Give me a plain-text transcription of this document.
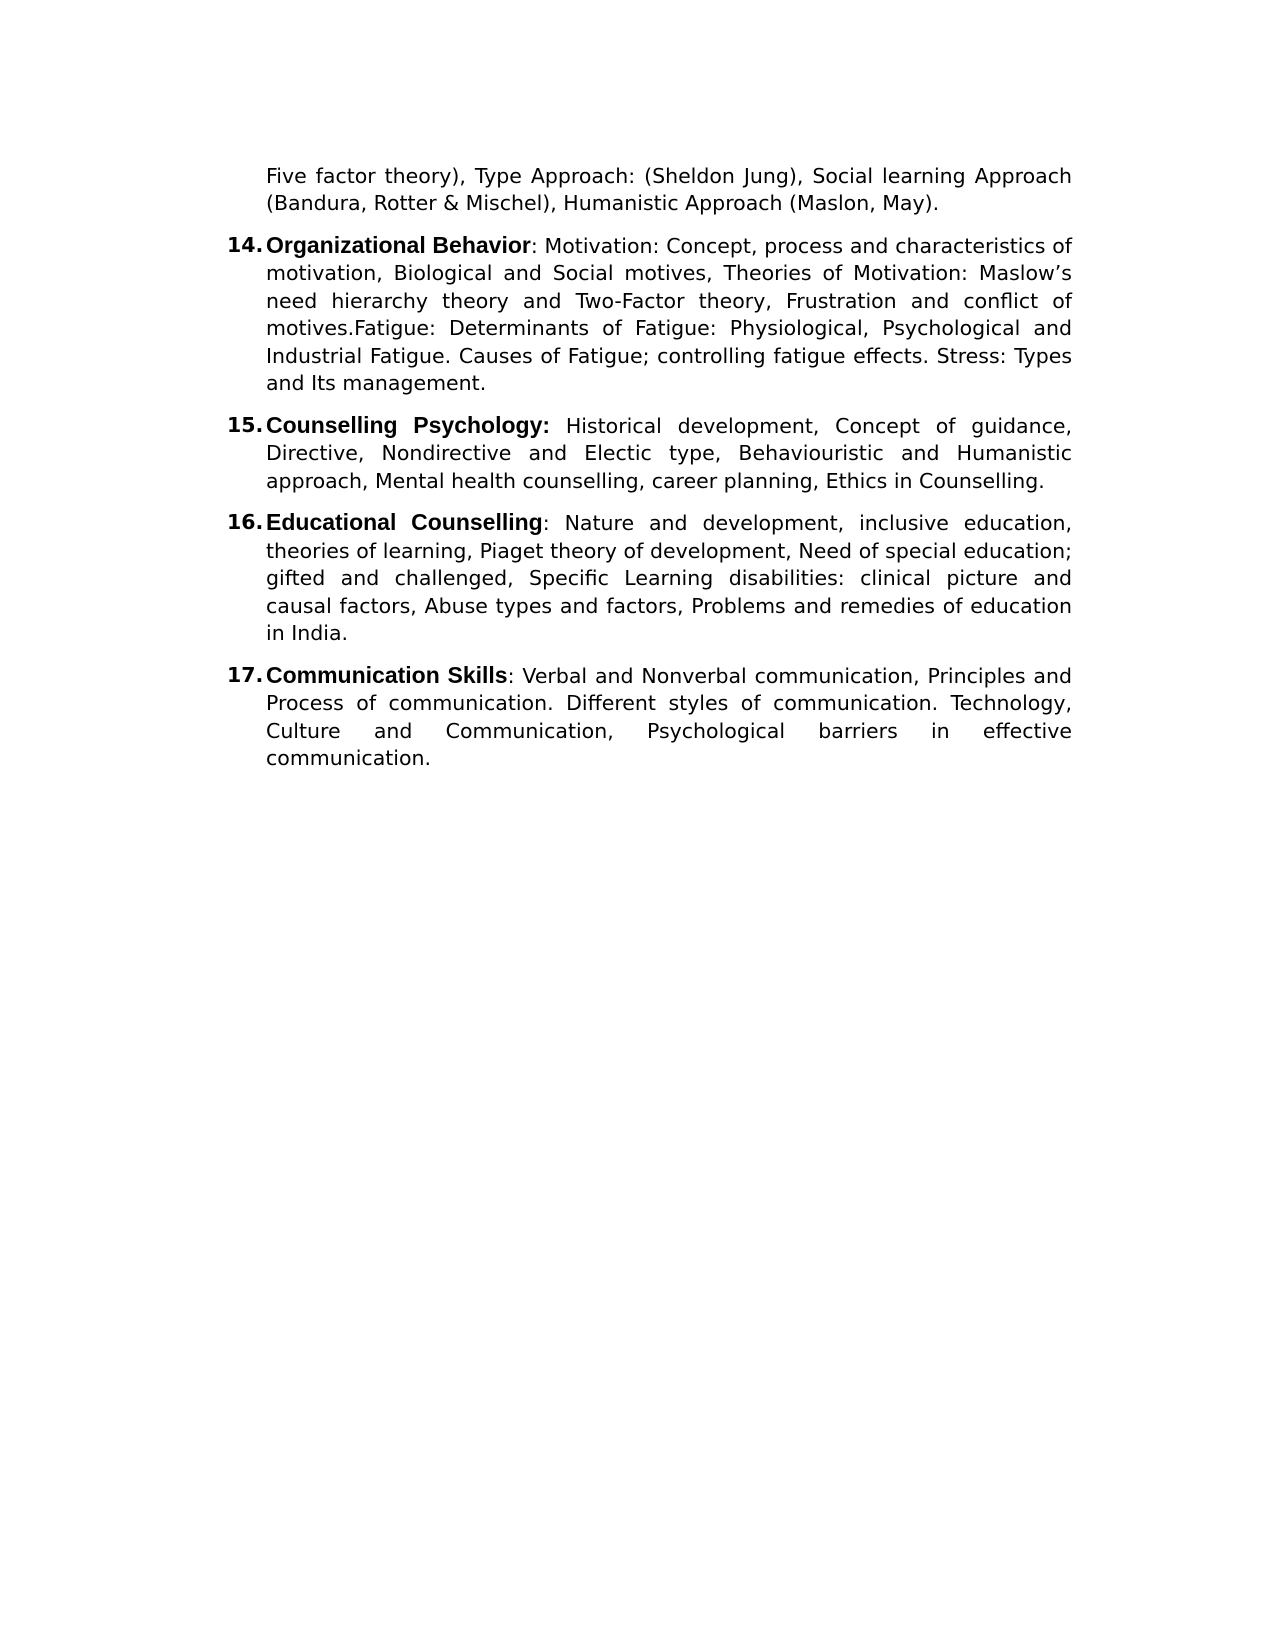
Five factor theory), Type Approach: (Sheldon Jung), Social learning Approach (Bandura, Rotter & Mischel), Humanistic Approach (Maslon, May).

14. Organizational Behavior: Motivation: Concept, process and characteristics of motivation, Biological and Social motives, Theories of Motivation: Maslow’s need hierarchy theory and Two-Factor theory, Frustration and conflict of motives.Fatigue: Determinants of Fatigue: Physiological, Psychological and Industrial Fatigue. Causes of Fatigue; controlling fatigue effects. Stress: Types and Its management.
15. Counselling Psychology: Historical development, Concept of guidance, Directive, Nondirective and Electic type, Behaviouristic and Humanistic approach, Mental health counselling, career planning, Ethics in Counselling.
16. Educational Counselling: Nature and development, inclusive education, theories of learning, Piaget theory of development, Need of special education; gifted and challenged, Specific Learning disabilities: clinical picture and causal factors, Abuse types and factors, Problems and remedies of education in India.
17. Communication Skills: Verbal and Nonverbal communication, Principles and Process of communication. Different styles of communication. Technology, Culture and Communication, Psychological barriers in effective communication.
